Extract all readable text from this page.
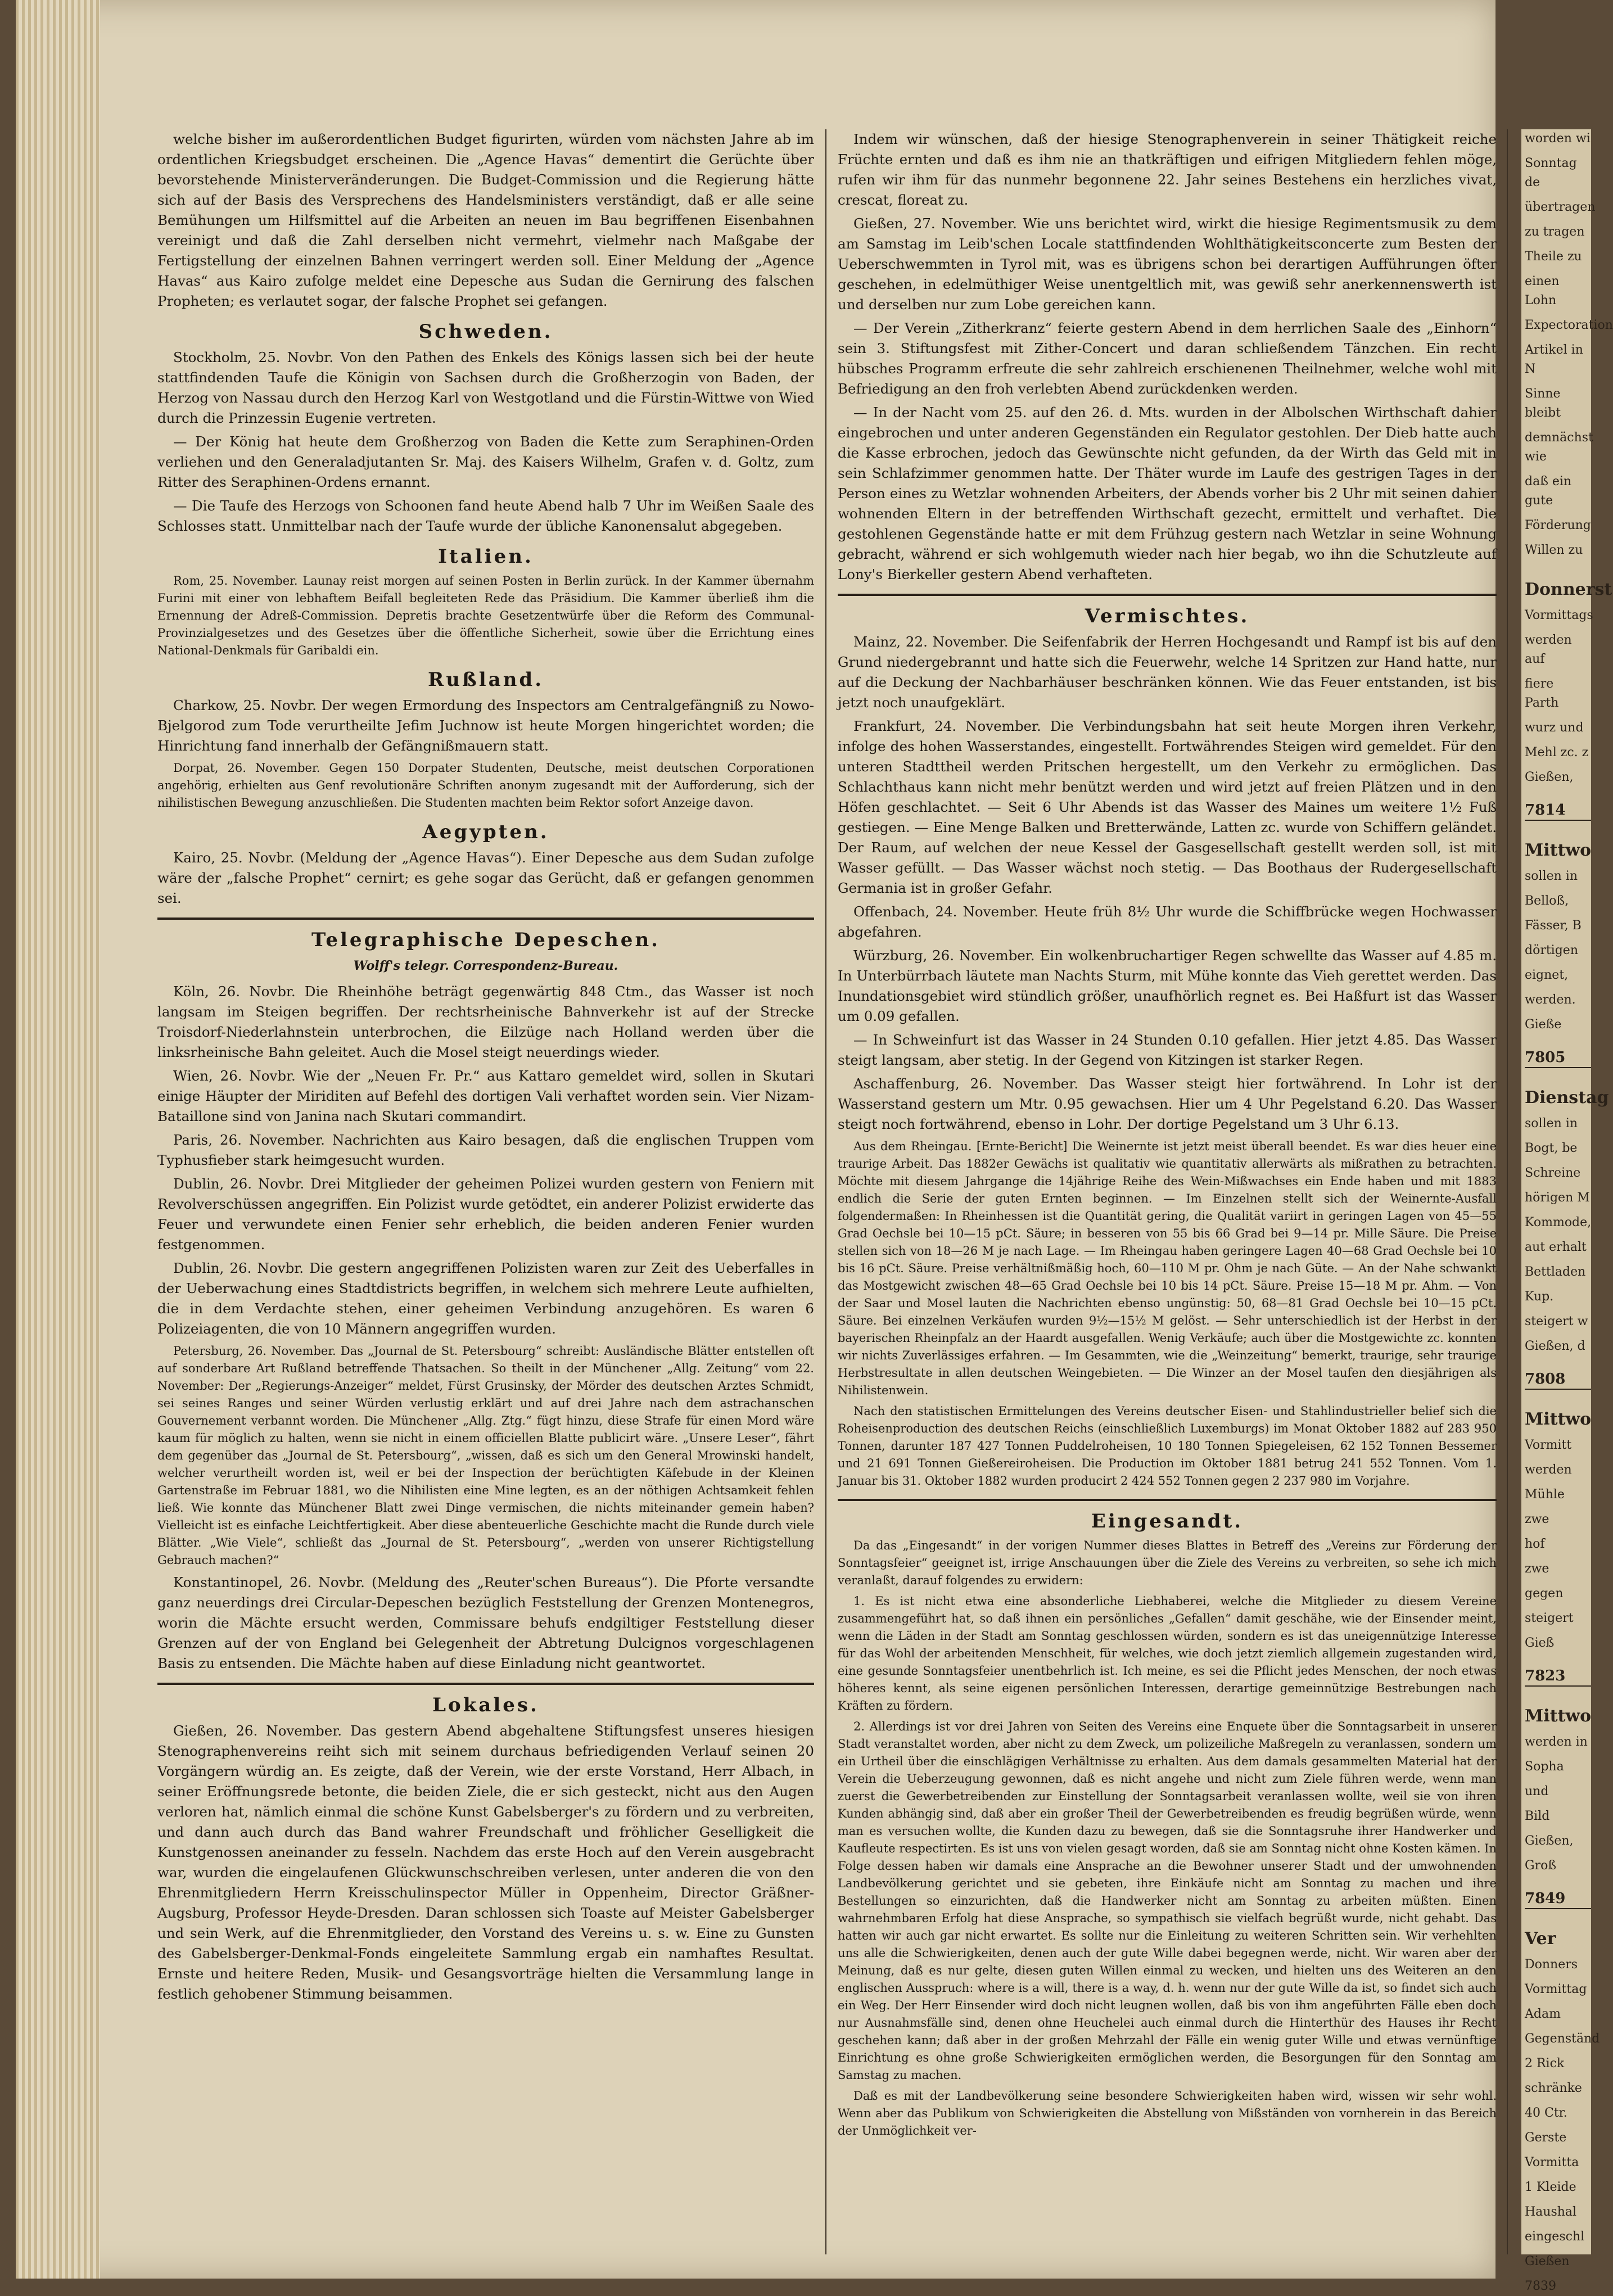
welche bisher im außerordentlichen Budget figurirten, würden vom nächsten Jahre ab im ordentlichen Kriegsbudget erscheinen. Die „Agence Havas“ dementirt die Gerüchte über bevorstehende Ministerveränderungen. Die Budget-Commission und die Regierung hätte sich auf der Basis des Versprechens des Handelsministers verständigt, daß er alle seine Bemühungen um Hilfsmittel auf die Arbeiten an neuen im Bau begriffenen Eisenbahnen vereinigt und daß die Zahl derselben nicht vermehrt, vielmehr nach Maßgabe der Fertigstellung der einzelnen Bahnen verringert werden soll. Einer Meldung der „Agence Havas“ aus Kairo zufolge meldet eine Depesche aus Sudan die Gernirung des falschen Propheten; es verlautet sogar, der falsche Prophet sei gefangen.

Schweden.

Stockholm, 25. Novbr. Von den Pathen des Enkels des Königs lassen sich bei der heute stattfindenden Taufe die Königin von Sachsen durch die Großherzogin von Baden, der Herzog von Nassau durch den Herzog Karl von Westgotland und die Fürstin-Wittwe von Wied durch die Prinzessin Eugenie vertreten.

— Der König hat heute dem Großherzog von Baden die Kette zum Seraphinen-Orden verliehen und den Generaladjutanten Sr. Maj. des Kaisers Wilhelm, Grafen v. d. Goltz, zum Ritter des Seraphinen-Ordens ernannt.

— Die Taufe des Herzogs von Schoonen fand heute Abend halb 7 Uhr im Weißen Saale des Schlosses statt. Unmittelbar nach der Taufe wurde der übliche Kanonensalut abgegeben.

Italien.

Rom, 25. November. Launay reist morgen auf seinen Posten in Berlin zurück. In der Kammer übernahm Furini mit einer von lebhaftem Beifall begleiteten Rede das Präsidium. Die Kammer überließ ihm die Ernennung der Adreß-Commission. Depretis brachte Gesetzentwürfe über die Reform des Communal-Provinzialgesetzes und des Gesetzes über die öffentliche Sicherheit, sowie über die Errichtung eines National-Denkmals für Garibaldi ein.

Rußland.

Charkow, 25. Novbr. Der wegen Ermordung des Inspectors am Centralgefängniß zu Nowo-Bjelgorod zum Tode verurtheilte Jefim Juchnow ist heute Morgen hingerichtet worden; die Hinrichtung fand innerhalb der Gefängnißmauern statt.

Dorpat, 26. November. Gegen 150 Dorpater Studenten, Deutsche, meist deutschen Corporationen angehörig, erhielten aus Genf revolutionäre Schriften anonym zugesandt mit der Aufforderung, sich der nihilistischen Bewegung anzuschließen. Die Studenten machten beim Rektor sofort Anzeige davon.

Aegypten.

Kairo, 25. Novbr. (Meldung der „Agence Havas“). Einer Depesche aus dem Sudan zufolge wäre der „falsche Prophet“ cernirt; es gehe sogar das Gerücht, daß er gefangen genommen sei.

Telegraphische Depeschen.
Wolff's telegr. Correspondenz-Bureau.

Köln, 26. Novbr. Die Rheinhöhe beträgt gegenwärtig 848 Ctm., das Wasser ist noch langsam im Steigen begriffen. Der rechtsrheinische Bahnverkehr ist auf der Strecke Troisdorf-Niederlahnstein unterbrochen, die Eilzüge nach Holland werden über die linksrheinische Bahn geleitet. Auch die Mosel steigt neuerdings wieder.

Wien, 26. Novbr. Wie der „Neuen Fr. Pr.“ aus Kattaro gemeldet wird, sollen in Skutari einige Häupter der Miriditen auf Befehl des dortigen Vali verhaftet worden sein. Vier Nizam-Bataillone sind von Janina nach Skutari commandirt.

Paris, 26. November. Nachrichten aus Kairo besagen, daß die englischen Truppen vom Typhusfieber stark heimgesucht wurden.

Dublin, 26. Novbr. Drei Mitglieder der geheimen Polizei wurden gestern von Feniern mit Revolverschüssen angegriffen. Ein Polizist wurde getödtet, ein anderer Polizist erwiderte das Feuer und verwundete einen Fenier sehr erheblich, die beiden anderen Fenier wurden festgenommen.

Dublin, 26. Novbr. Die gestern angegriffenen Polizisten waren zur Zeit des Ueberfalles in der Ueberwachung eines Stadtdistricts begriffen, in welchem sich mehrere Leute aufhielten, die in dem Verdachte stehen, einer geheimen Verbindung anzugehören. Es waren 6 Polizeiagenten, die von 10 Männern angegriffen wurden.

Petersburg, 26. November. Das „Journal de St. Petersbourg“ schreibt: Ausländische Blätter entstellen oft auf sonderbare Art Rußland betreffende Thatsachen. So theilt in der Münchener „Allg. Zeitung“ vom 22. November: Der „Regierungs-Anzeiger“ meldet, Fürst Grusinsky, der Mörder des deutschen Arztes Schmidt, sei seines Ranges und seiner Würden verlustig erklärt und auf drei Jahre nach dem astrachanschen Gouvernement verbannt worden. Die Münchener „Allg. Ztg.“ fügt hinzu, diese Strafe für einen Mord wäre kaum für möglich zu halten, wenn sie nicht in einem officiellen Blatte publicirt wäre. „Unsere Leser“, fährt dem gegenüber das „Journal de St. Petersbourg“, „wissen, daß es sich um den General Mrowinski handelt, welcher verurtheilt worden ist, weil er bei der Inspection der berüchtigten Käfebude in der Kleinen Gartenstraße im Februar 1881, wo die Nihilisten eine Mine legten, es an der nöthigen Achtsamkeit fehlen ließ. Wie konnte das Münchener Blatt zwei Dinge vermischen, die nichts miteinander gemein haben? Vielleicht ist es einfache Leichtfertigkeit. Aber diese abenteuerliche Geschichte macht die Runde durch viele Blätter. „Wie Viele“, schließt das „Journal de St. Petersbourg“, „werden von unserer Richtigstellung Gebrauch machen?“

Konstantinopel, 26. Novbr. (Meldung des „Reuter'schen Bureaus“). Die Pforte versandte ganz neuerdings drei Circular-Depeschen bezüglich Feststellung der Grenzen Montenegros, worin die Mächte ersucht werden, Commissare behufs endgiltiger Feststellung dieser Grenzen auf der von England bei Gelegenheit der Abtretung Dulcignos vorgeschlagenen Basis zu entsenden. Die Mächte haben auf diese Einladung nicht geantwortet.

Lokales.

Gießen, 26. November. Das gestern Abend abgehaltene Stiftungsfest unseres hiesigen Stenographenvereins reiht sich mit seinem durchaus befriedigenden Verlauf seinen 20 Vorgängern würdig an. Es zeigte, daß der Verein, wie der erste Vorstand, Herr Albach, in seiner Eröffnungsrede betonte, die beiden Ziele, die er sich gesteckt, nicht aus den Augen verloren hat, nämlich einmal die schöne Kunst Gabelsberger's zu fördern und zu verbreiten, und dann auch durch das Band wahrer Freundschaft und fröhlicher Geselligkeit die Kunstgenossen aneinander zu fesseln. Nachdem das erste Hoch auf den Verein ausgebracht war, wurden die eingelaufenen Glückwunschschreiben verlesen, unter anderen die von den Ehrenmitgliedern Herrn Kreisschulinspector Müller in Oppenheim, Director Gräßner-Augsburg, Professor Heyde-Dresden. Daran schlossen sich Toaste auf Meister Gabelsberger und sein Werk, auf die Ehrenmitglieder, den Vorstand des Vereins u. s. w. Eine zu Gunsten des Gabelsberger-Denkmal-Fonds eingeleitete Sammlung ergab ein namhaftes Resultat. Ernste und heitere Reden, Musik- und Gesangsvorträge hielten die Versammlung lange in festlich gehobener Stimmung beisammen.

Indem wir wünschen, daß der hiesige Stenographenverein in seiner Thätigkeit reiche Früchte ernten und daß es ihm nie an thatkräftigen und eifrigen Mitgliedern fehlen möge, rufen wir ihm für das nunmehr begonnene 22. Jahr seines Bestehens ein herzliches vivat, crescat, floreat zu.

Gießen, 27. November. Wie uns berichtet wird, wirkt die hiesige Regimentsmusik zu dem am Samstag im Leib'schen Locale stattfindenden Wohlthätigkeitsconcerte zum Besten der Ueberschwemmten in Tyrol mit, was es übrigens schon bei derartigen Aufführungen öfter geschehen, in edelmüthiger Weise unentgeltlich mit, was gewiß sehr anerkennenswerth ist und derselben nur zum Lobe gereichen kann.

— Der Verein „Zitherkranz“ feierte gestern Abend in dem herrlichen Saale des „Einhorn“ sein 3. Stiftungsfest mit Zither-Concert und daran schließendem Tänzchen. Ein recht hübsches Programm erfreute die sehr zahlreich erschienenen Theilnehmer, welche wohl mit Befriedigung an den froh verlebten Abend zurückdenken werden.

— In der Nacht vom 25. auf den 26. d. Mts. wurden in der Albolschen Wirthschaft dahier eingebrochen und unter anderen Gegenständen ein Regulator gestohlen. Der Dieb hatte auch die Kasse erbrochen, jedoch das Gewünschte nicht gefunden, da der Wirth das Geld mit in sein Schlafzimmer genommen hatte. Der Thäter wurde im Laufe des gestrigen Tages in der Person eines zu Wetzlar wohnenden Arbeiters, der Abends vorher bis 2 Uhr mit seinen dahier wohnenden Eltern in der betreffenden Wirthschaft gezecht, ermittelt und verhaftet. Die gestohlenen Gegenstände hatte er mit dem Frühzug gestern nach Wetzlar in seine Wohnung gebracht, während er sich wohlgemuth wieder nach hier begab, wo ihn die Schutzleute auf Lony's Bierkeller gestern Abend verhafteten.

Vermischtes.

Mainz, 22. November. Die Seifenfabrik der Herren Hochgesandt und Rampf ist bis auf den Grund niedergebrannt und hatte sich die Feuerwehr, welche 14 Spritzen zur Hand hatte, nur auf die Deckung der Nachbarhäuser beschränken können. Wie das Feuer entstanden, ist bis jetzt noch unaufgeklärt.

Frankfurt, 24. November. Die Verbindungsbahn hat seit heute Morgen ihren Verkehr, infolge des hohen Wasserstandes, eingestellt. Fortwährendes Steigen wird gemeldet. Für den unteren Stadttheil werden Pritschen hergestellt, um den Verkehr zu ermöglichen. Das Schlachthaus kann nicht mehr benützt werden und wird jetzt auf freien Plätzen und in den Höfen geschlachtet. — Seit 6 Uhr Abends ist das Wasser des Maines um weitere 1½ Fuß gestiegen. — Eine Menge Balken und Bretterwände, Latten zc. wurde von Schiffern geländet. Der Raum, auf welchen der neue Kessel der Gasgesellschaft gestellt werden soll, ist mit Wasser gefüllt. — Das Wasser wächst noch stetig. — Das Boothaus der Rudergesellschaft Germania ist in großer Gefahr.

Offenbach, 24. November. Heute früh 8½ Uhr wurde die Schiffbrücke wegen Hochwasser abgefahren.

Würzburg, 26. November. Ein wolkenbruchartiger Regen schwellte das Wasser auf 4.85 m. In Unterbürrbach läutete man Nachts Sturm, mit Mühe konnte das Vieh gerettet werden. Das Inundationsgebiet wird stündlich größer, unaufhörlich regnet es. Bei Haßfurt ist das Wasser um 0.09 gefallen.

— In Schweinfurt ist das Wasser in 24 Stunden 0.10 gefallen. Hier jetzt 4.85. Das Wasser steigt langsam, aber stetig. In der Gegend von Kitzingen ist starker Regen.

Aschaffenburg, 26. November. Das Wasser steigt hier fortwährend. In Lohr ist der Wasserstand gestern um Mtr. 0.95 gewachsen. Hier um 4 Uhr Pegelstand 6.20. Das Wasser steigt noch fortwährend, ebenso in Lohr. Der dortige Pegelstand um 3 Uhr 6.13.

Aus dem Rheingau. [Ernte-Bericht] Die Weinernte ist jetzt meist überall beendet. Es war dies heuer eine traurige Arbeit. Das 1882er Gewächs ist qualitativ wie quantitativ allerwärts als mißrathen zu betrachten. Möchte mit diesem Jahrgange die 14jährige Reihe des Wein-Mißwachses ein Ende haben und mit 1883 endlich die Serie der guten Ernten beginnen. — Im Einzelnen stellt sich der Weinernte-Ausfall folgendermaßen: In Rheinhessen ist die Quantität gering, die Qualität variirt in geringen Lagen von 45—55 Grad Oechsle bei 10—15 pCt. Säure; in besseren von 55 bis 66 Grad bei 9—14 pr. Mille Säure. Die Preise stellen sich von 18—26 M je nach Lage. — Im Rheingau haben geringere Lagen 40—68 Grad Oechsle bei 10 bis 16 pCt. Säure. Preise verhältnißmäßig hoch, 60—110 M pr. Ohm je nach Güte. — An der Nahe schwankt das Mostgewicht zwischen 48—65 Grad Oechsle bei 10 bis 14 pCt. Säure. Preise 15—18 M pr. Ahm. — Von der Saar und Mosel lauten die Nachrichten ebenso ungünstig: 50, 68—81 Grad Oechsle bei 10—15 pCt. Säure. Bei einzelnen Verkäufen wurden 9½—15½ M gelöst. — Sehr unterschiedlich ist der Herbst in der bayerischen Rheinpfalz an der Haardt ausgefallen. Wenig Verkäufe; auch über die Mostgewichte zc. konnten wir nichts Zuverlässiges erfahren. — Im Gesammten, wie die „Weinzeitung“ bemerkt, traurige, sehr traurige Herbstresultate in allen deutschen Weingebieten. — Die Winzer an der Mosel taufen den diesjährigen als Nihilistenwein.

Nach den statistischen Ermittelungen des Vereins deutscher Eisen- und Stahlindustrieller belief sich die Roheisenproduction des deutschen Reichs (einschließlich Luxemburgs) im Monat Oktober 1882 auf 283 950 Tonnen, darunter 187 427 Tonnen Puddelroheisen, 10 180 Tonnen Spiegeleisen, 62 152 Tonnen Bessemer und 21 691 Tonnen Gießereiroheisen. Die Production im Oktober 1881 betrug 241 552 Tonnen. Vom 1. Januar bis 31. Oktober 1882 wurden producirt 2 424 552 Tonnen gegen 2 237 980 im Vorjahre.

Eingesandt.

Da das „Eingesandt“ in der vorigen Nummer dieses Blattes in Betreff des „Vereins zur Förderung der Sonntagsfeier“ geeignet ist, irrige Anschauungen über die Ziele des Vereins zu verbreiten, so sehe ich mich veranlaßt, darauf folgendes zu erwidern:

1. Es ist nicht etwa eine absonderliche Liebhaberei, welche die Mitglieder zu diesem Vereine zusammengeführt hat, so daß ihnen ein persönliches „Gefallen“ damit geschähe, wie der Einsender meint, wenn die Läden in der Stadt am Sonntag geschlossen würden, sondern es ist das uneigennützige Interesse für das Wohl der arbeitenden Menschheit, für welches, wie doch jetzt ziemlich allgemein zugestanden wird, eine gesunde Sonntagsfeier unentbehrlich ist. Ich meine, es sei die Pflicht jedes Menschen, der noch etwas höheres kennt, als seine eigenen persönlichen Interessen, derartige gemeinnützige Bestrebungen nach Kräften zu fördern.

2. Allerdings ist vor drei Jahren von Seiten des Vereins eine Enquete über die Sonntagsarbeit in unserer Stadt veranstaltet worden, aber nicht zu dem Zweck, um polizeiliche Maßregeln zu veranlassen, sondern um ein Urtheil über die einschlägigen Verhältnisse zu erhalten. Aus dem damals gesammelten Material hat der Verein die Ueberzeugung gewonnen, daß es nicht angehe und nicht zum Ziele führen werde, wenn man zuerst die Gewerbetreibenden zur Einstellung der Sonntagsarbeit veranlassen wollte, weil sie von ihren Kunden abhängig sind, daß aber ein großer Theil der Gewerbetreibenden es freudig begrüßen würde, wenn man es versuchen wollte, die Kunden dazu zu bewegen, daß sie die Sonntagsruhe ihrer Handwerker und Kaufleute respectirten. Es ist uns von vielen gesagt worden, daß sie am Sonntag nicht ohne Kosten kämen. In Folge dessen haben wir damals eine Ansprache an die Bewohner unserer Stadt und der umwohnenden Landbevölkerung gerichtet und sie gebeten, ihre Einkäufe nicht am Sonntag zu machen und ihre Bestellungen so einzurichten, daß die Handwerker nicht am Sonntag zu arbeiten müßten. Einen wahrnehmbaren Erfolg hat diese Ansprache, so sympathisch sie vielfach begrüßt wurde, nicht gehabt. Das hatten wir auch gar nicht erwartet. Es sollte nur die Einleitung zu weiteren Schritten sein. Wir verhehlten uns alle die Schwierigkeiten, denen auch der gute Wille dabei begegnen werde, nicht. Wir waren aber der Meinung, daß es nur gelte, diesen guten Willen einmal zu wecken, und hielten uns des Weiteren an den englischen Ausspruch: where is a will, there is a way, d. h. wenn nur der gute Wille da ist, so findet sich auch ein Weg. Der Herr Einsender wird doch nicht leugnen wollen, daß bis von ihm angeführten Fälle eben doch nur Ausnahmsfälle sind, denen ohne Heuchelei auch einmal durch die Hinterthür des Hauses ihr Recht geschehen kann; daß aber in der großen Mehrzahl der Fälle ein wenig guter Wille und etwas vernünftige Einrichtung es ohne große Schwierigkeiten ermöglichen werden, die Besorgungen für den Sonntag am Samstag zu machen.

Daß es mit der Landbevölkerung seine besondere Schwierigkeiten haben wird, wissen wir sehr wohl. Wenn aber das Publikum von Schwierigkeiten die Abstellung von Mißständen von vornherein in das Bereich der Unmöglichkeit ver-

worden wi
Sonntag de
übertragen
zu tragen
Theile zu
einen Lohn
Expectoration
Artikel in N
Sinne bleibt
demnächst wie
daß ein gute
Förderung
Willen zu
Donnerst
Vormittags
werden auf
fiere Parth
wurz und
Mehl zc. z
Gießen,
7814
Mittwo
sollen in
Belloß,
Fässer, B
dörtigen
eignet,
werden.
Gieße
7805
Dienstag
sollen in
Bogt, be
Schreine
hörigen M
Kommode,
aut erhalt
Bettladen
Kup.
steigert w
Gießen, d
7808
Mittwo
Vormitt
werden
Mühle
zwe
hof
zwe
gegen
steigert
Gieß
7823
Mittwo
werden in
Sopha
und
Bild
Gießen,
Groß
7849
Ver
Donners
Vormittag
Adam
Gegenständ
2 Rick
schränke
40 Ctr.
Gerste
Vormitta
1 Kleide
Haushal
eingeschl
Gießen
7839
